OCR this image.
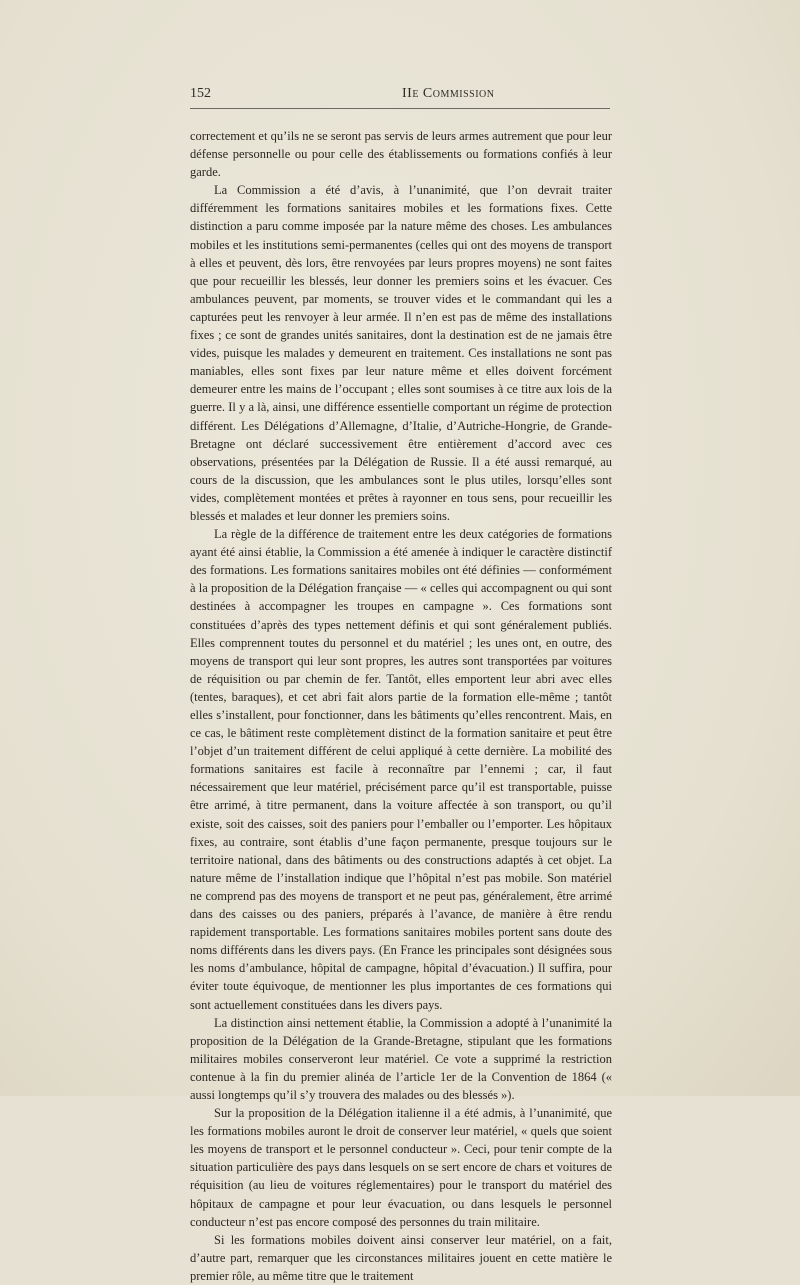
152	IIe Commission

correctement et qu’ils ne se seront pas servis de leurs armes autrement que pour leur défense personnelle ou pour celle des établissements ou formations confiés à leur garde.

La Commission a été d’avis, à l’unanimité, que l’on devrait traiter différemment les formations sanitaires mobiles et les formations fixes. Cette distinction a paru comme imposée par la nature même des choses. Les ambulances mobiles et les institutions semi-permanentes (celles qui ont des moyens de transport à elles et peuvent, dès lors, être renvoyées par leurs propres moyens) ne sont faites que pour recueillir les blessés, leur donner les premiers soins et les évacuer. Ces ambulances peuvent, par moments, se trouver vides et le commandant qui les a capturées peut les renvoyer à leur armée. Il n’en est pas de même des installations fixes ; ce sont de grandes unités sanitaires, dont la destination est de ne jamais être vides, puisque les malades y demeurent en traitement. Ces installations ne sont pas maniables, elles sont fixes par leur nature même et elles doivent forcément demeurer entre les mains de l’occupant ; elles sont soumises à ce titre aux lois de la guerre. Il y a là, ainsi, une différence essentielle comportant un régime de protection différent. Les Délégations d’Allemagne, d’Italie, d’Autriche-Hongrie, de Grande-Bretagne ont déclaré successivement être entièrement d’accord avec ces observations, présentées par la Délégation de Russie. Il a été aussi remarqué, au cours de la discussion, que les ambulances sont le plus utiles, lorsqu’elles sont vides, complètement montées et prêtes à rayonner en tous sens, pour recueillir les blessés et malades et leur donner les premiers soins.

La règle de la différence de traitement entre les deux catégories de formations ayant été ainsi établie, la Commission a été amenée à indiquer le caractère distinctif des formations. Les formations sanitaires mobiles ont été définies — conformément à la proposition de la Délégation française — « celles qui accompagnent ou qui sont destinées à accompagner les troupes en campagne ». Ces formations sont constituées d’après des types nettement définis et qui sont généralement publiés. Elles comprennent toutes du personnel et du matériel ; les unes ont, en outre, des moyens de transport qui leur sont propres, les autres sont transportées par voitures de réquisition ou par chemin de fer. Tantôt, elles emportent leur abri avec elles (tentes, baraques), et cet abri fait alors partie de la formation elle-même ; tantôt elles s’installent, pour fonctionner, dans les bâtiments qu’elles rencontrent. Mais, en ce cas, le bâtiment reste complètement distinct de la formation sanitaire et peut être l’objet d’un traitement différent de celui appliqué à cette dernière. La mobilité des formations sanitaires est facile à reconnaître par l’ennemi ; car, il faut nécessairement que leur matériel, précisément parce qu’il est transportable, puisse être arrimé, à titre permanent, dans la voiture affectée à son transport, ou qu’il existe, soit des caisses, soit des paniers pour l’emballer ou l’emporter. Les hôpitaux fixes, au contraire, sont établis d’une façon permanente, presque toujours sur le territoire national, dans des bâtiments ou des constructions adaptés à cet objet. La nature même de l’installation indique que l’hôpital n’est pas mobile. Son matériel ne comprend pas des moyens de transport et ne peut pas, généralement, être arrimé dans des caisses ou des paniers, préparés à l’avance, de manière à être rendu rapidement transportable. Les formations sanitaires mobiles portent sans doute des noms différents dans les divers pays. (En France les principales sont désignées sous les noms d’ambulance, hôpital de campagne, hôpital d’évacuation.) Il suffira, pour éviter toute équivoque, de mentionner les plus importantes de ces formations qui sont actuellement constituées dans les divers pays.

La distinction ainsi nettement établie, la Commission a adopté à l’unanimité la proposition de la Délégation de la Grande-Bretagne, stipulant que les formations militaires mobiles conserveront leur matériel. Ce vote a supprimé la restriction contenue à la fin du premier alinéa de l’article 1er de la Convention de 1864 (« aussi longtemps qu’il s’y trouvera des malades ou des blessés »).

Sur la proposition de la Délégation italienne il a été admis, à l’unanimité, que les formations mobiles auront le droit de conserver leur matériel, « quels que soient les moyens de transport et le personnel conducteur ». Ceci, pour tenir compte de la situation particulière des pays dans lesquels on se sert encore de chars et voitures de réquisition (au lieu de voitures réglementaires) pour le transport du matériel des hôpitaux de campagne et pour leur évacuation, ou dans lesquels le personnel conducteur n’est pas encore composé des personnes du train militaire.

Si les formations mobiles doivent ainsi conserver leur matériel, on a fait, d’autre part, remarquer que les circonstances militaires jouent en cette matière le premier rôle, au même titre que le traitement
